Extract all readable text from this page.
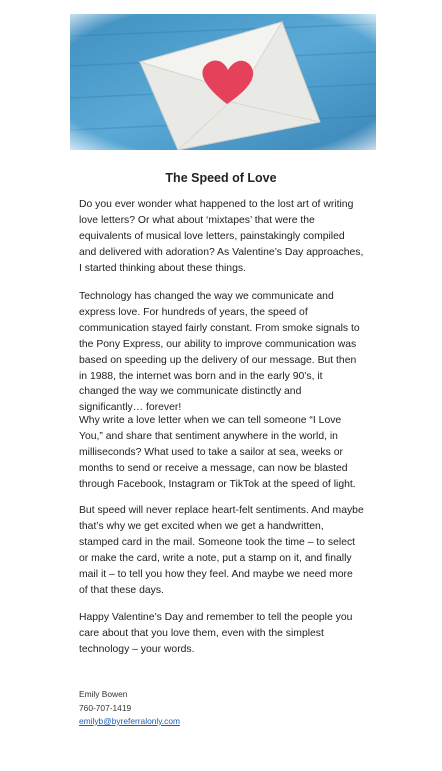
The Speed of Love
Do you ever wonder what happened to the lost art of writing love letters? Or what about ‘mixtapes’ that were the equivalents of musical love letters, painstakingly compiled and delivered with adoration? As Valentine’s Day approaches, I started thinking about these things.
Technology has changed the way we communicate and express love. For hundreds of years, the speed of communication stayed fairly constant. From smoke signals to the Pony Express, our ability to improve communication was based on speeding up the delivery of our message. But then in 1988, the internet was born and in the early 90’s, it changed the way we communicate distinctly and significantly… forever!
Why write a love letter when we can tell someone “I Love You,” and share that sentiment anywhere in the world, in milliseconds? What used to take a sailor at sea, weeks or months to send or receive a message, can now be blasted through Facebook, Instagram or TikTok at the speed of light.
But speed will never replace heart-felt sentiments. And maybe that’s why we get excited when we get a handwritten, stamped card in the mail. Someone took the time – to select or make the card, write a note, put a stamp on it, and finally mail it – to tell you how they feel. And maybe we need more of that these days.
Happy Valentine’s Day and remember to tell the people you care about that you love them, even with the simplest technology – your words.
Emily Bowen
760-707-1419
emilyb@byreferralonly.com
